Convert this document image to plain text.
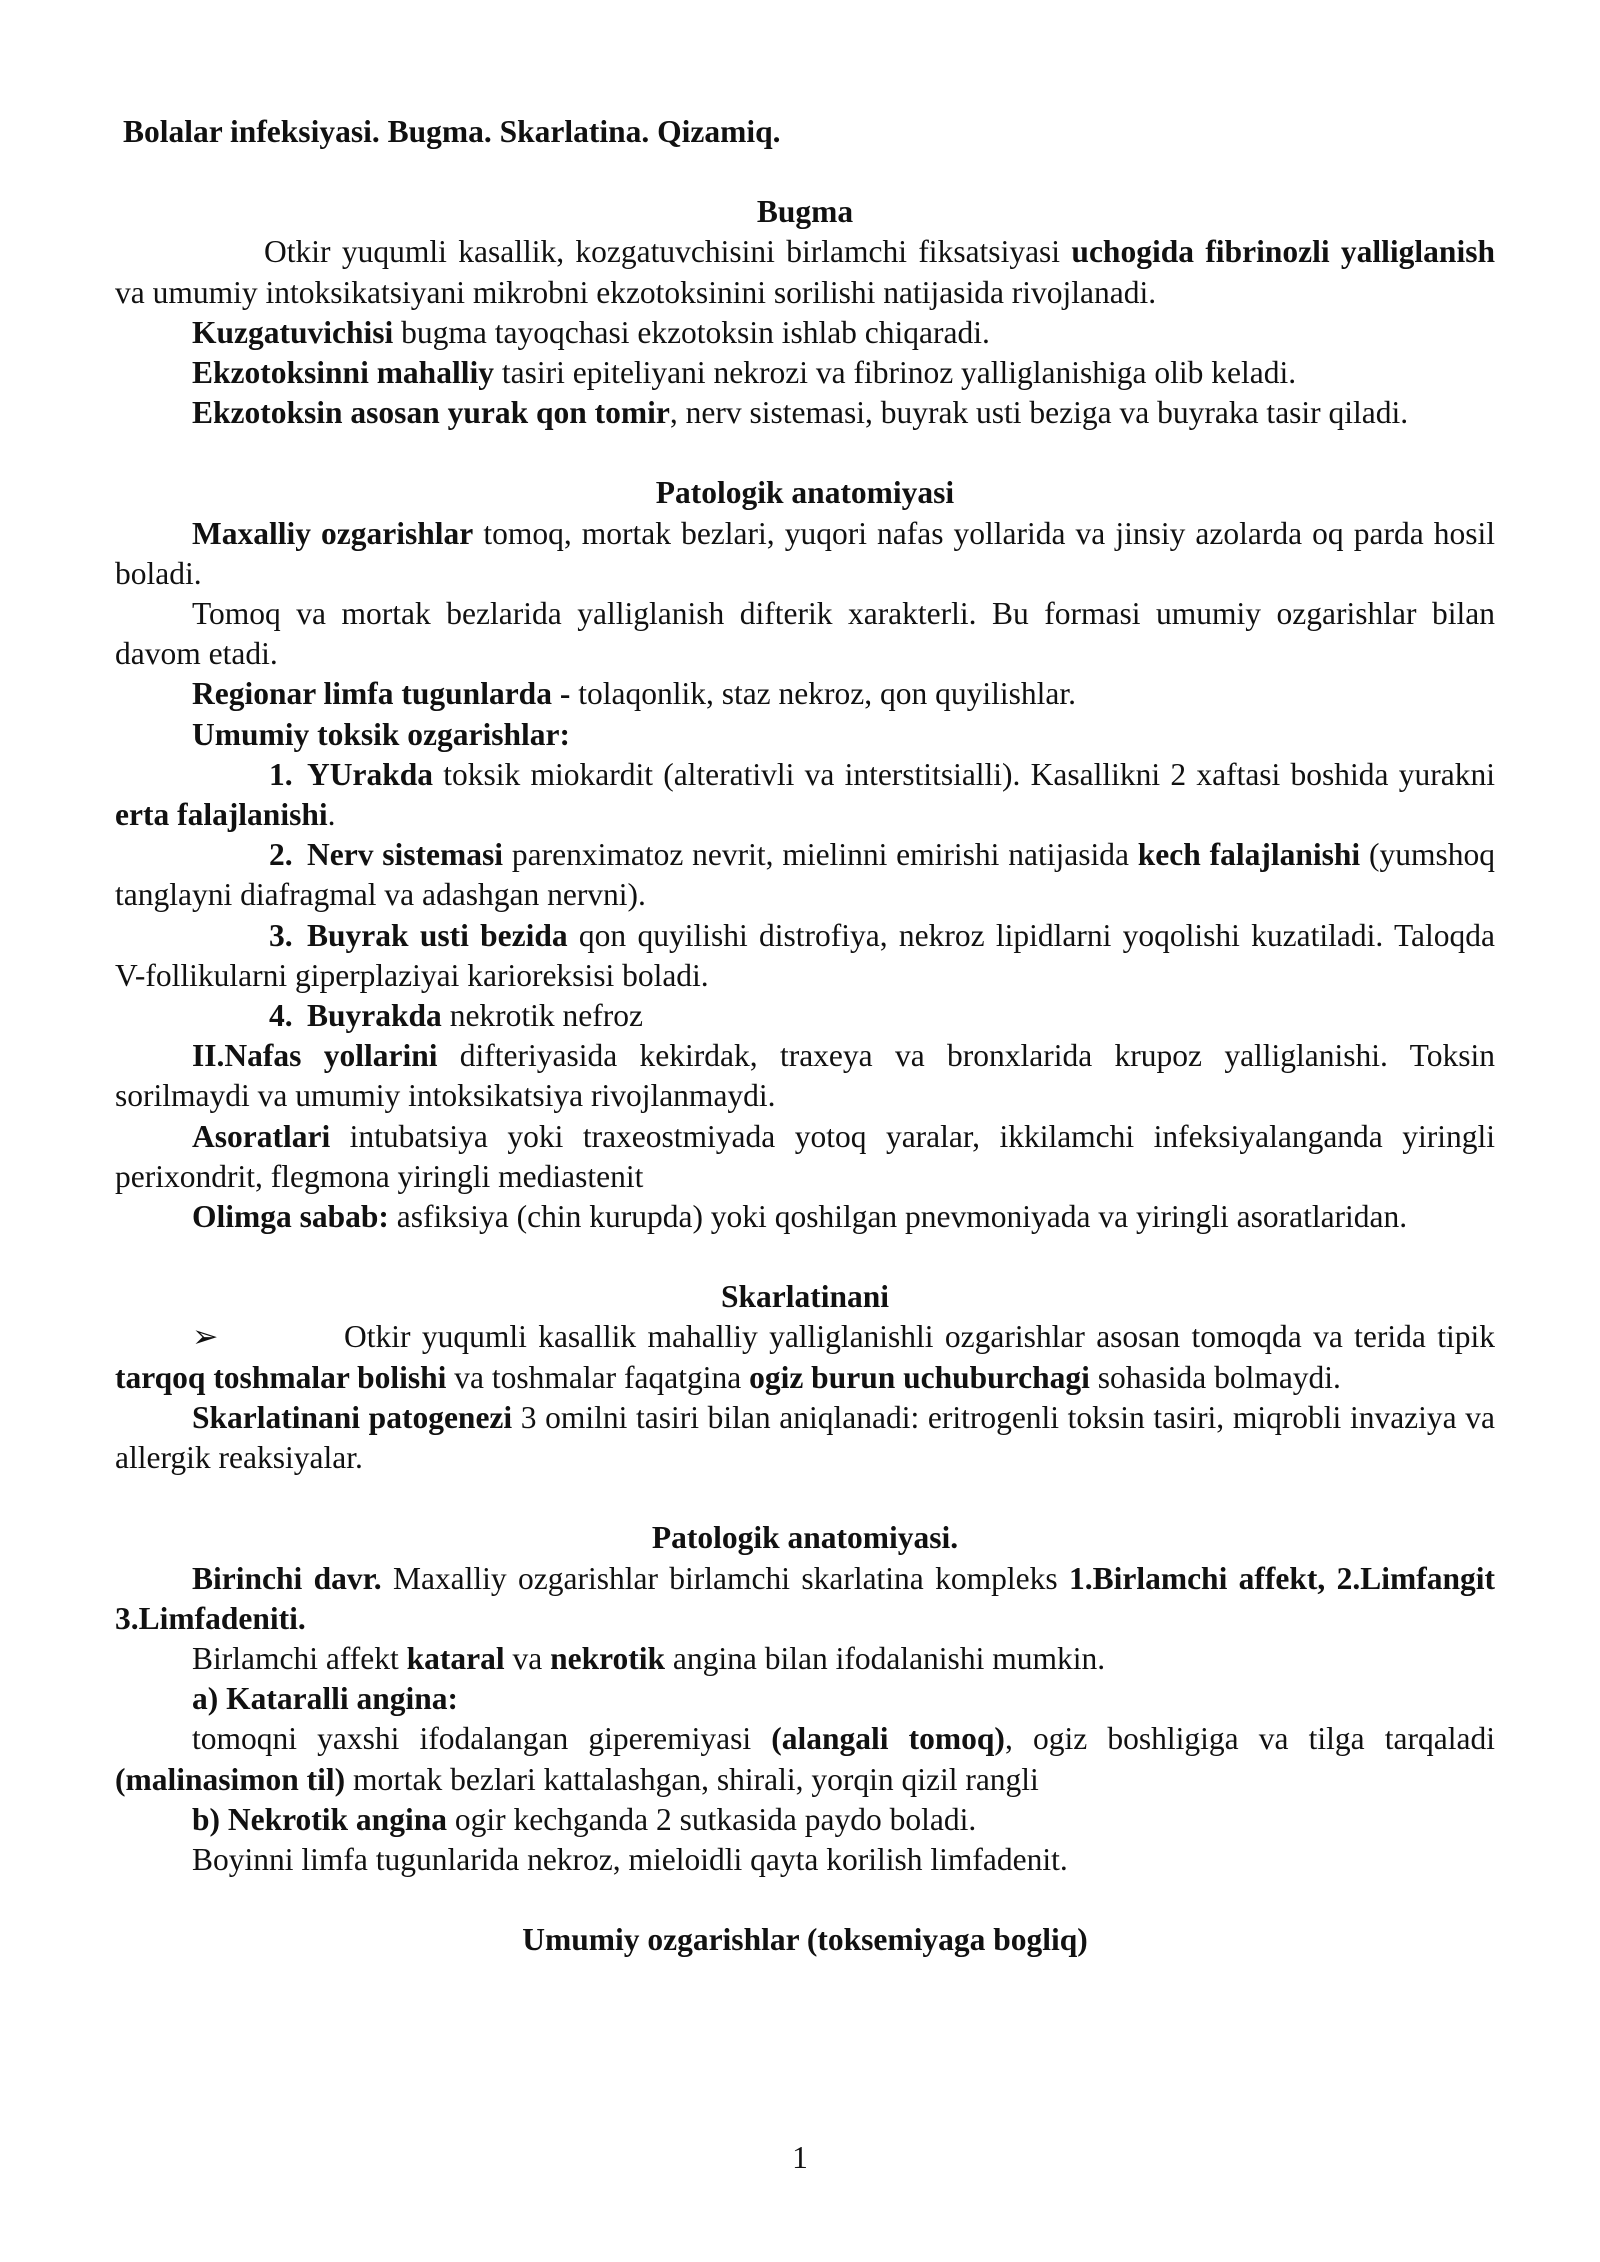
Bolalar infeksiyasi. Bugma. Skarlatina. Qizamiq.

Bugma

Otkir yuqumli kasallik, kozgatuvchisini birlamchi fiksatsiyasi uchogida fibrinozli yalliglanish va umumiy intoksikatsiyani mikrobni ekzotoksinini sorilishi natijasida rivojlanadi.

Kuzgatuvichisi bugma tayoqchasi ekzotoksin ishlab chiqaradi.

Ekzotoksinni mahalliy tasiri epiteliyani nekrozi va fibrinoz yalliglanishiga olib keladi.

Ekzotoksin asosan yurak qon tomir, nerv sistemasi, buyrak usti beziga va buyraka tasir qiladi.

Patologik anatomiyasi

Maxalliy ozgarishlar tomoq, mortak bezlari, yuqori nafas yollarida va jinsiy azolarda oq parda hosil boladi.

Tomoq va mortak bezlarida yalliglanish difterik xarakterli. Bu formasi umumiy ozgarishlar bilan davom etadi.

Regionar limfa tugunlarda - tolaqonlik, staz nekroz, qon quyilishlar.

Umumiy toksik ozgarishlar:

1. YUrakda toksik miokardit (alterativli va interstitsialli). Kasallikni 2 xaftasi boshida yurakni erta falajlanishi.

2. Nerv sistemasi parenximatoz nevrit, mielinni emirishi natijasida kech falajlanishi (yumshoq tanglayni diafragmal va adashgan nervni).

3. Buyrak usti bezida qon quyilishi distrofiya, nekroz lipidlarni yoqolishi kuzatiladi. Taloqda V-follikularni giperplaziyai karioreksisi boladi.

4. Buyrakda nekrotik nefroz

II.Nafas yollarini difteriyasida kekirdak, traxeya va bronxlarida krupoz yalliglanishi. Toksin sorilmaydi va umumiy intoksikatsiya rivojlanmaydi.

Asoratlari intubatsiya yoki traxeostmiyada yotoq yaralar, ikkilamchi infeksiyalanganda yiringli perixondrit, flegmona yiringli mediastenit

Olimga sabab: asfiksiya (chin kurupda) yoki qoshilgan pnevmoniyada va yiringli asoratlaridan.

Skarlatinani

➢	Otkir yuqumli kasallik mahalliy yalliglanishli ozgarishlar asosan tomoqda va terida tipik tarqoq toshmalar bolishi va toshmalar faqatgina ogiz burun uchuburchagi sohasida bolmaydi.

Skarlatinani patogenezi 3 omilni tasiri bilan aniqlanadi: eritrogenli toksin tasiri, miqrobli invaziya va allergik reaksiyalar.

Patologik anatomiyasi.

Birinchi davr. Maxalliy ozgarishlar birlamchi skarlatina kompleks 1.Birlamchi affekt, 2.Limfangit 3.Limfadeniti.

Birlamchi affekt kataral va nekrotik angina bilan ifodalanishi mumkin.

a) Kataralli angina:

tomoqni yaxshi ifodalangan giperemiyasi (alangali tomoq), ogiz boshligiga va tilga tarqaladi (malinasimon til) mortak bezlari kattalashgan, shirali, yorqin qizil rangli

b) Nekrotik angina ogir kechganda 2 sutkasida paydo boladi.

Boyinni limfa tugunlarida nekroz, mieloidli qayta korilish limfadenit.

Umumiy ozgarishlar (toksemiyaga bogliq)

1
